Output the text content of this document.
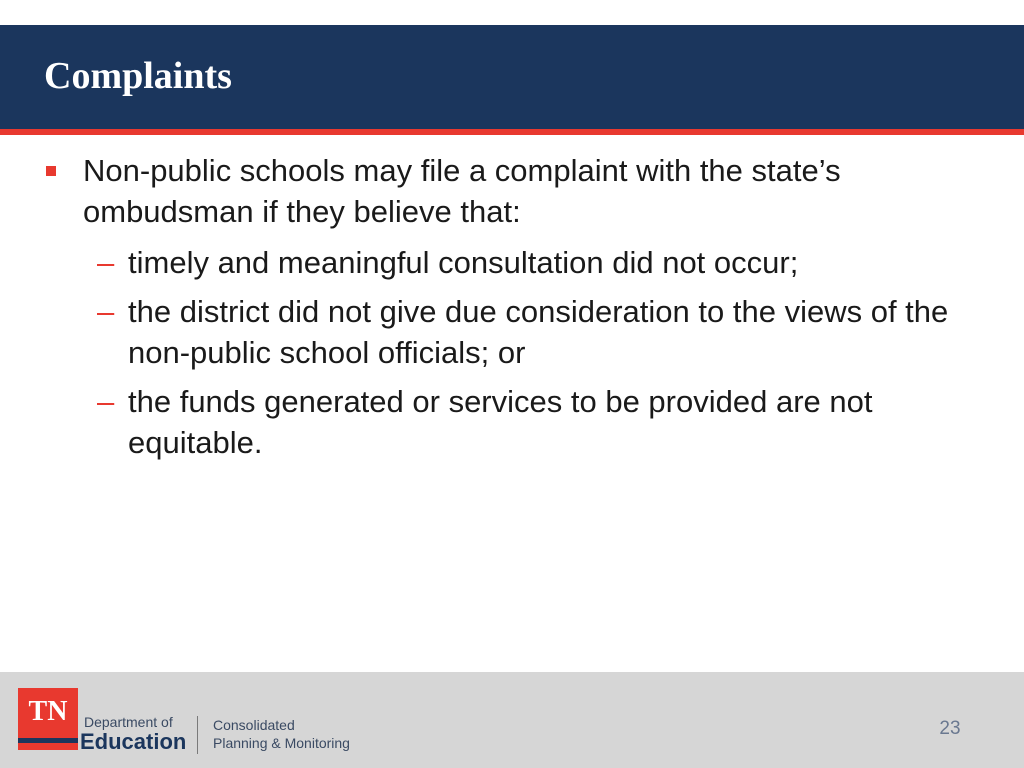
Complaints

Non-public schools may file a complaint with the state’s ombudsman if they believe that:

– timely and meaningful consultation did not occur;

– the district did not give due consideration to the views of the non-public school officials; or

– the funds generated or services to be provided are not equitable.

TN	Department of
Education
Consolidated
Planning & Monitoring
23
